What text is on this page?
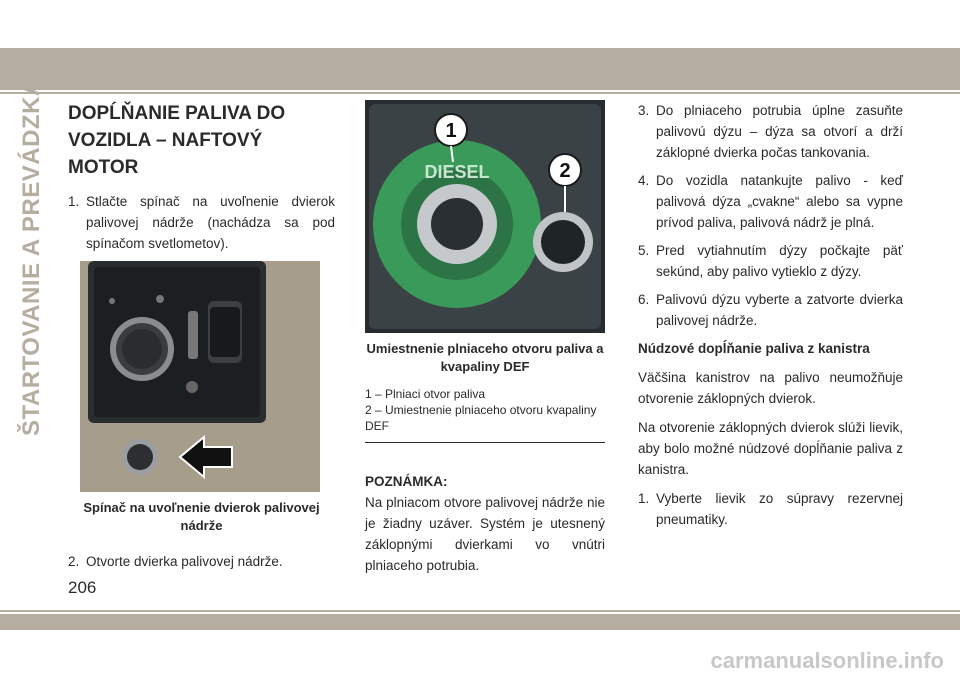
ŠTARTOVANIE A PREVÁDZKA DOPĹŇANIE PALIVA DO
VOZIDLA – NAFTOVÝ
MOTOR
1. Stlačte spínač na uvoľnenie dvierok palivovej nádrže (nachádza sa pod spínačom svetlometov).
Spínač na uvoľnenie dvierok palivovej nádrže
2. Otvorte dvierka palivovej nádrže.
DIESEL
1
2
Umiestnenie plniaceho otvoru paliva a kvapaliny DEF
1 – Plniaci otvor paliva
2 – Umiestnenie plniaceho otvoru kvapaliny DEF
POZNÁMKA:
Na plniacom otvore palivovej nádrže nie je žiadny uzáver. Systém je utesnený záklopnými dvierkami vo vnútri plniaceho potrubia.
3. Do plniaceho potrubia úplne zasuňte palivovú dýzu – dýza sa otvorí a drží záklopné dvierka počas tankovania.
4. Do vozidla natankujte palivo - keď palivová dýza „cvakne“ alebo sa vypne prívod paliva, palivová nádrž je plná.
5. Pred vytiahnutím dýzy počkajte päť sekúnd, aby palivo vytieklo z dýzy.
6. Palivovú dýzu vyberte a zatvorte dvierka palivovej nádrže.

Núdzové dopĺňanie paliva z kanistra

Väčšina kanistrov na palivo neumožňuje otvorenie záklopných dvierok.

Na otvorenie záklopných dvierok slúži lievik, aby bolo možné núdzové dopĺňanie paliva z kanistra.

1. Vyberte lievik zo súpravy rezervnej pneumatiky.
206
carmanualsonline.info
